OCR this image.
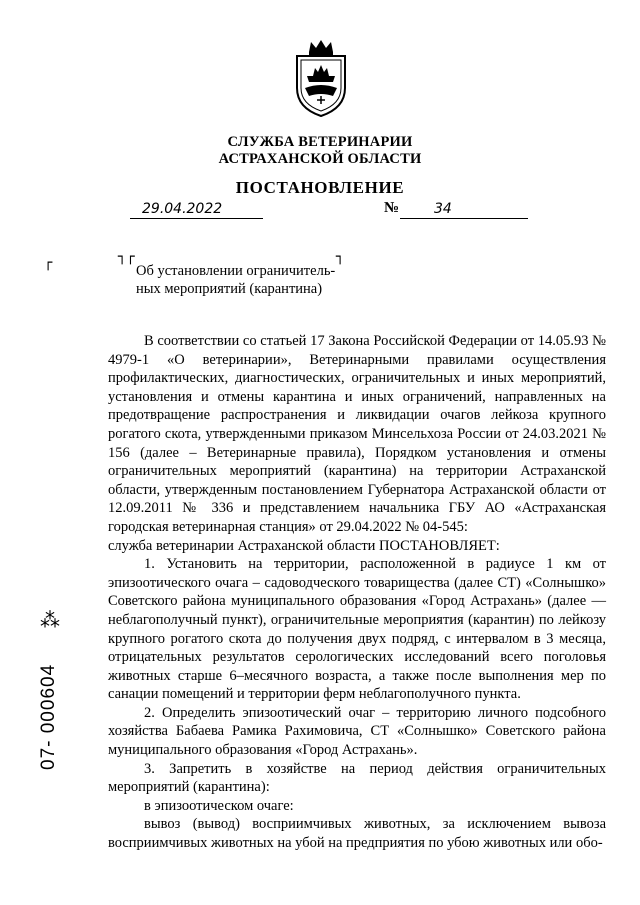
СЛУЖБА ВЕТЕРИНАРИИ
АСТРАХАНСКОЙ ОБЛАСТИ
ПОСТАНОВЛЕНИЕ
29.04.2022	№	34
┌	┐┌	┐
Об установлении ограничитель-
ных мероприятий (карантина)

В соответствии со статьей 17 Закона Российской Федерации от 14.05.93 № 4979-1 «О ветеринарии», Ветеринарными правилами осуществления профилактических, диагностических, ограничительных и иных мероприятий, установления и отмены карантина и иных ограничений, направленных на предотвращение распространения и ликвидации очагов лейкоза крупного рогатого скота, утвержденными приказом Минсельхоза России от 24.03.2021 № 156 (далее – Ветеринарные правила), Порядком установления и отмены ограничительных мероприятий (карантина) на территории Астраханской области, утвержденным постановлением Губернатора Астраханской области от 12.09.2011 № 336 и представлением начальника ГБУ АО «Астраханская городская ветеринарная станция» от 29.04.2022 № 04-545:

служба ветеринарии Астраханской области ПОСТАНОВЛЯЕТ:

1. Установить на территории, расположенной в радиусе 1 км от эпизоотического очага – садоводческого товарищества (далее СТ) «Солнышко» Советского района муниципального образования «Город Астрахань» (далее — неблагополучный пункт), ограничительные мероприятия (карантин) по лейкозу крупного рогатого скота до получения двух подряд, с интервалом в 3 месяца, отрицательных результатов серологических исследований всего поголовья животных старше 6–месячного возраста, а также после выполнения мер по санации помещений и территории ферм неблагополучного пункта.

2. Определить эпизоотический очаг – территорию личного подсобного хозяйства Бабаева Рамика Рахимовича, СТ «Солнышко» Советского района муниципального образования «Город Астрахань».

3. Запретить в хозяйстве на период действия ограничительных мероприятий (карантина):

в эпизоотическом очаге:

вывоз (вывод) восприимчивых животных, за исключением вывоза восприимчивых животных на убой на предприятия по убою животных или обо-

⁂
07- 000604
